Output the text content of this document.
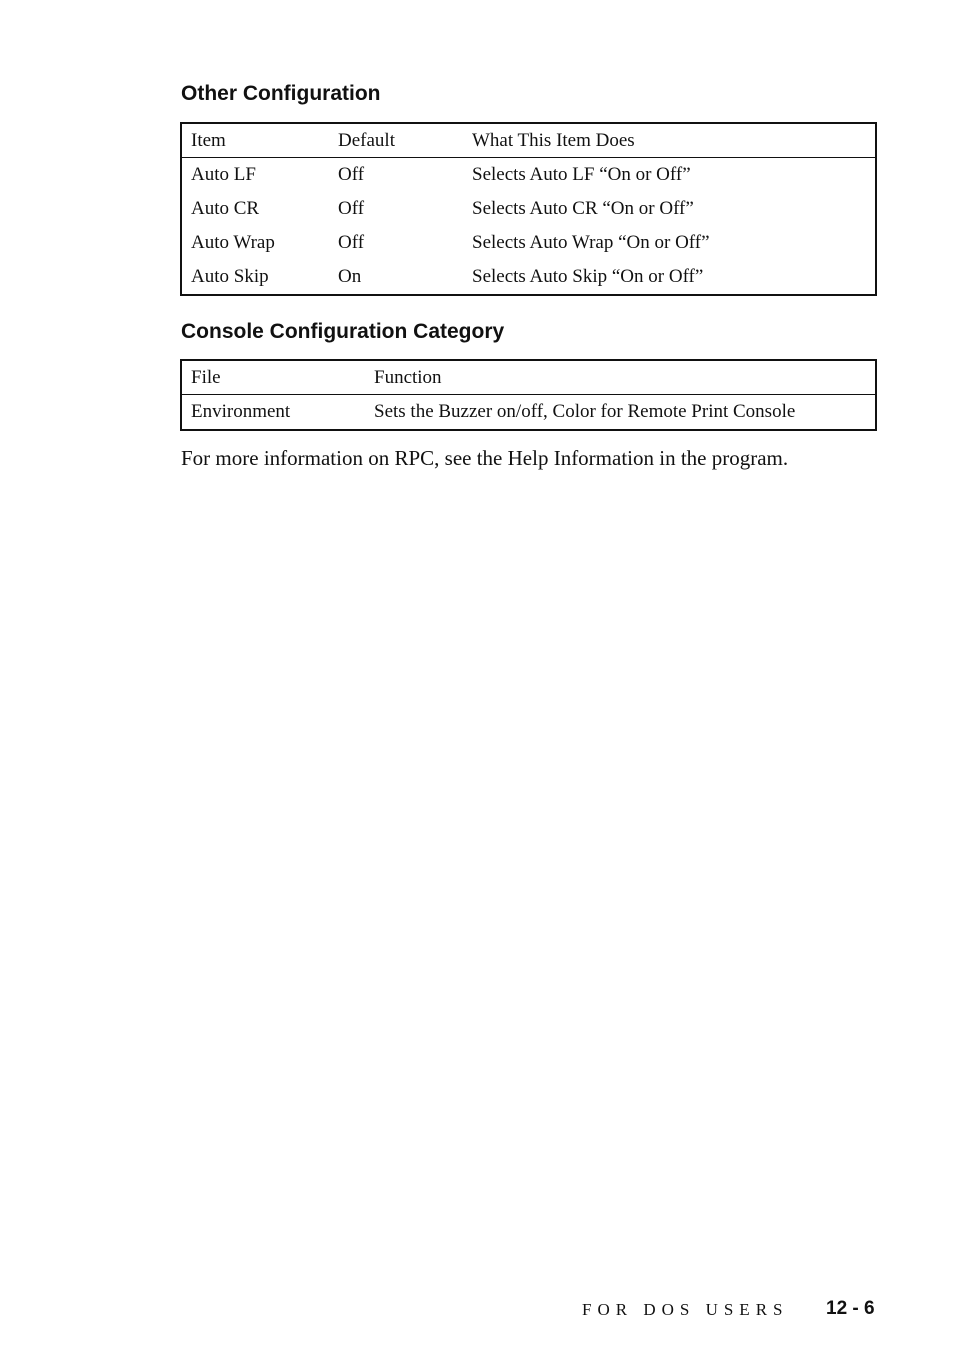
Other Configuration
Item	Default	What This Item Does
Auto LF	Off	Selects Auto LF “On or Off”
Auto CR	Off	Selects Auto CR “On or Off”
Auto Wrap	Off	Selects Auto Wrap “On or Off”
Auto Skip	On	Selects Auto Skip “On or Off”
Console Configuration Category
File	Function
Environment	Sets the Buzzer on/off, Color for Remote Print Console

For more information on RPC, see the Help Information in the program.

FOR DOS USERS 12 - 6
